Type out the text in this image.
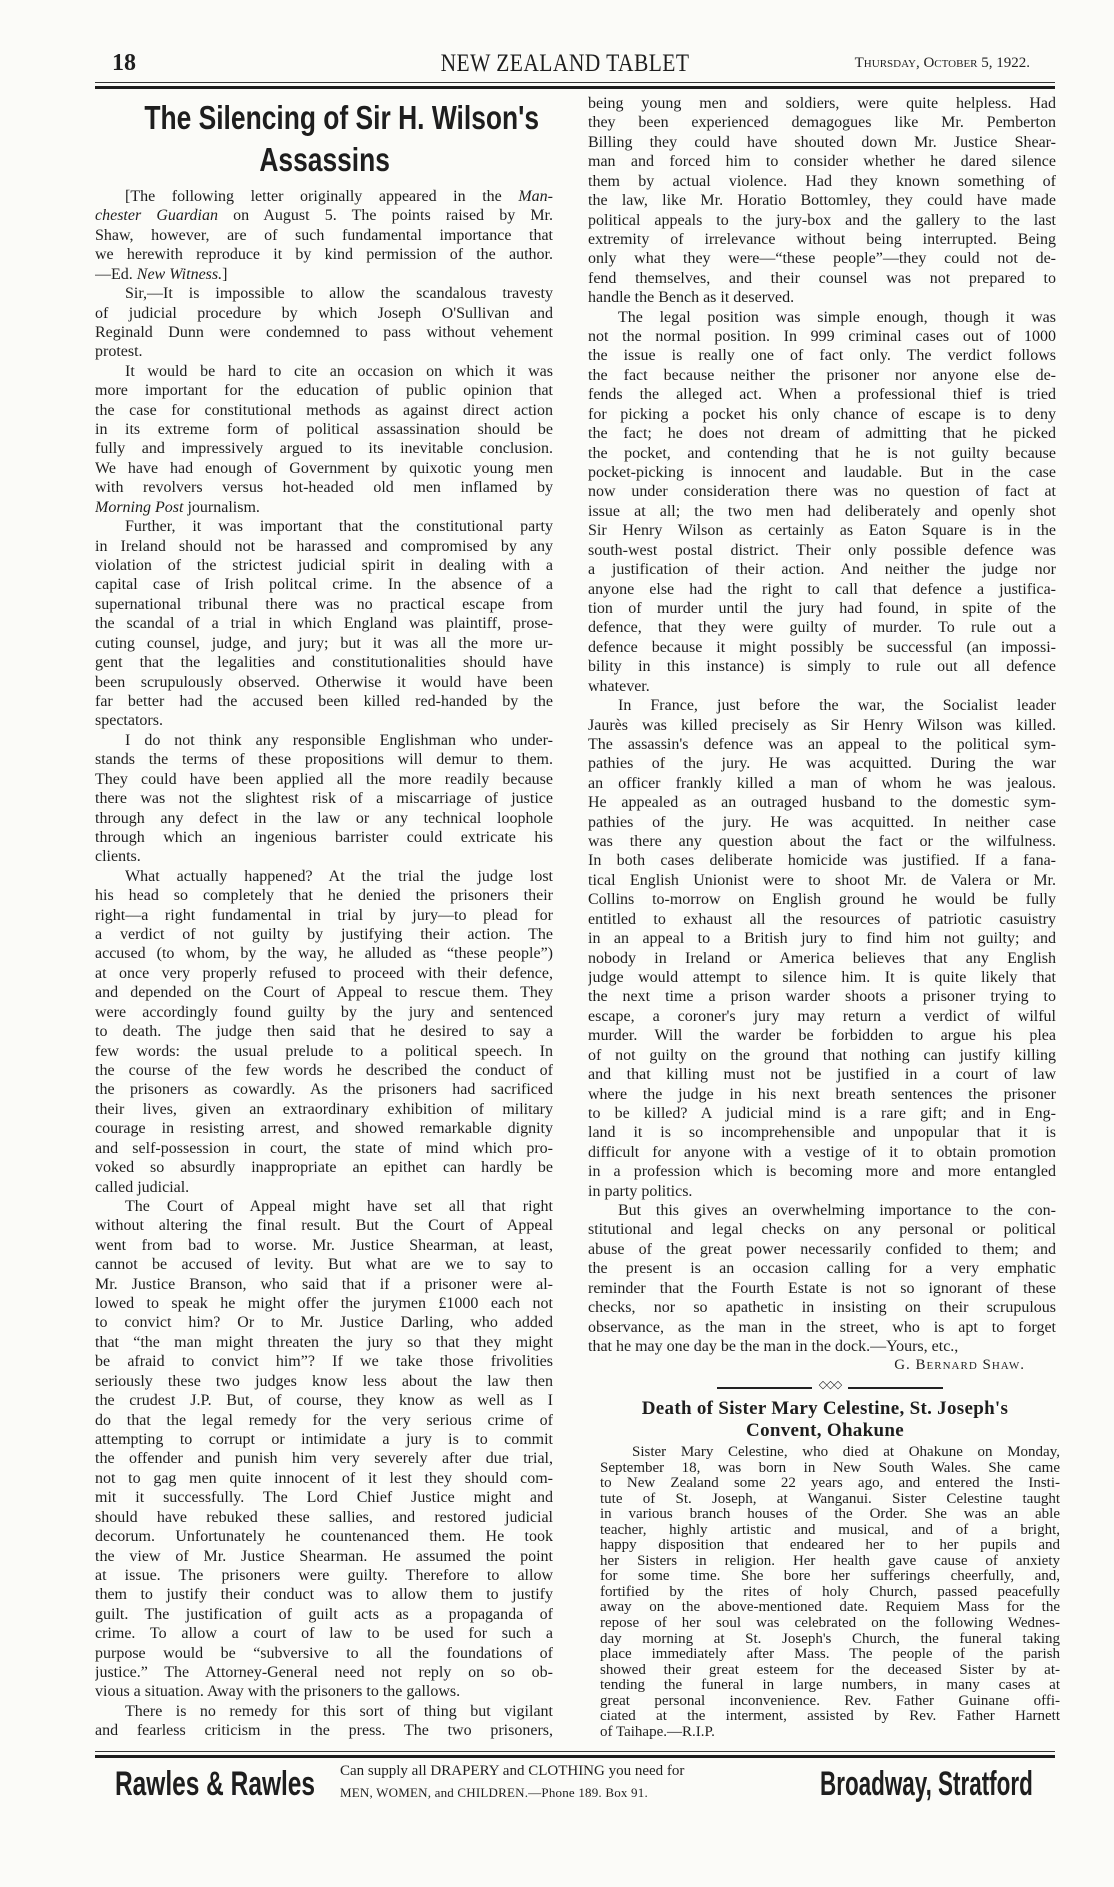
18	NEW ZEALAND TABLET	Thursday, October 5, 1922.
The Silencing of Sir H. Wilson's
Assassins
[The following letter originally appeared in the Man-
chester Guardian on August 5. The points raised by Mr.
Shaw, however, are of such fundamental importance that
we herewith reproduce it by kind permission of the author.
—Ed. New Witness.]
Sir,—It is impossible to allow the scandalous travesty
of judicial procedure by which Joseph O'Sullivan and
Reginald Dunn were condemned to pass without vehement
protest.
It would be hard to cite an occasion on which it was
more important for the education of public opinion that
the case for constitutional methods as against direct action
in its extreme form of political assassination should be
fully and impressively argued to its inevitable conclusion.
We have had enough of Government by quixotic young men
with revolvers versus hot-headed old men inflamed by
Morning Post journalism.
Further, it was important that the constitutional party
in Ireland should not be harassed and compromised by any
violation of the strictest judicial spirit in dealing with a
capital case of Irish politcal crime. In the absence of a
supernational tribunal there was no practical escape from
the scandal of a trial in which England was plaintiff, prose-
cuting counsel, judge, and jury; but it was all the more ur-
gent that the legalities and constitutionalities should have
been scrupulously observed. Otherwise it would have been
far better had the accused been killed red-handed by the
spectators.
I do not think any responsible Englishman who under-
stands the terms of these propositions will demur to them.
They could have been applied all the more readily because
there was not the slightest risk of a miscarriage of justice
through any defect in the law or any technical loophole
through which an ingenious barrister could extricate his
clients.
What actually happened? At the trial the judge lost
his head so completely that he denied the prisoners their
right—a right fundamental in trial by jury—to plead for
a verdict of not guilty by justifying their action. The
accused (to whom, by the way, he alluded as “these people”)
at once very properly refused to proceed with their defence,
and depended on the Court of Appeal to rescue them. They
were accordingly found guilty by the jury and sentenced
to death. The judge then said that he desired to say a
few words: the usual prelude to a political speech. In
the course of the few words he described the conduct of
the prisoners as cowardly. As the prisoners had sacrificed
their lives, given an extraordinary exhibition of military
courage in resisting arrest, and showed remarkable dignity
and self-possession in court, the state of mind which pro-
voked so absurdly inappropriate an epithet can hardly be
called judicial.
The Court of Appeal might have set all that right
without altering the final result. But the Court of Appeal
went from bad to worse. Mr. Justice Shearman, at least,
cannot be accused of levity. But what are we to say to
Mr. Justice Branson, who said that if a prisoner were al-
lowed to speak he might offer the jurymen £1000 each not
to convict him? Or to Mr. Justice Darling, who added
that “the man might threaten the jury so that they might
be afraid to convict him”? If we take those frivolities
seriously these two judges know less about the law then
the crudest J.P. But, of course, they know as well as I
do that the legal remedy for the very serious crime of
attempting to corrupt or intimidate a jury is to commit
the offender and punish him very severely after due trial,
not to gag men quite innocent of it lest they should com-
mit it successfully. The Lord Chief Justice might and
should have rebuked these sallies, and restored judicial
decorum. Unfortunately he countenanced them. He took
the view of Mr. Justice Shearman. He assumed the point
at issue. The prisoners were guilty. Therefore to allow
them to justify their conduct was to allow them to justify
guilt. The justification of guilt acts as a propaganda of
crime. To allow a court of law to be used for such a
purpose would be “subversive to all the foundations of
justice.” The Attorney-General need not reply on so ob-
vious a situation. Away with the prisoners to the gallows.
There is no remedy for this sort of thing but vigilant
and fearless criticism in the press. The two prisoners,
being young men and soldiers, were quite helpless. Had
they been experienced demagogues like Mr. Pemberton
Billing they could have shouted down Mr. Justice Shear-
man and forced him to consider whether he dared silence
them by actual violence. Had they known something of
the law, like Mr. Horatio Bottomley, they could have made
political appeals to the jury-box and the gallery to the last
extremity of irrelevance without being interrupted. Being
only what they were—“these people”—they could not de-
fend themselves, and their counsel was not prepared to
handle the Bench as it deserved.
The legal position was simple enough, though it was
not the normal position. In 999 criminal cases out of 1000
the issue is really one of fact only. The verdict follows
the fact because neither the prisoner nor anyone else de-
fends the alleged act. When a professional thief is tried
for picking a pocket his only chance of escape is to deny
the fact; he does not dream of admitting that he picked
the pocket, and contending that he is not guilty because
pocket-picking is innocent and laudable. But in the case
now under consideration there was no question of fact at
issue at all; the two men had deliberately and openly shot
Sir Henry Wilson as certainly as Eaton Square is in the
south-west postal district. Their only possible defence was
a justification of their action. And neither the judge nor
anyone else had the right to call that defence a justifica-
tion of murder until the jury had found, in spite of the
defence, that they were guilty of murder. To rule out a
defence because it might possibly be successful (an impossi-
bility in this instance) is simply to rule out all defence
whatever.
In France, just before the war, the Socialist leader
Jaurès was killed precisely as Sir Henry Wilson was killed.
The assassin's defence was an appeal to the political sym-
pathies of the jury. He was acquitted. During the war
an officer frankly killed a man of whom he was jealous.
He appealed as an outraged husband to the domestic sym-
pathies of the jury. He was acquitted. In neither case
was there any question about the fact or the wilfulness.
In both cases deliberate homicide was justified. If a fana-
tical English Unionist were to shoot Mr. de Valera or Mr.
Collins to-morrow on English ground he would be fully
entitled to exhaust all the resources of patriotic casuistry
in an appeal to a British jury to find him not guilty; and
nobody in Ireland or America believes that any English
judge would attempt to silence him. It is quite likely that
the next time a prison warder shoots a prisoner trying to
escape, a coroner's jury may return a verdict of wilful
murder. Will the warder be forbidden to argue his plea
of not guilty on the ground that nothing can justify killing
and that killing must not be justified in a court of law
where the judge in his next breath sentences the prisoner
to be killed? A judicial mind is a rare gift; and in Eng-
land it is so incomprehensible and unpopular that it is
difficult for anyone with a vestige of it to obtain promotion
in a profession which is becoming more and more entangled
in party politics.
But this gives an overwhelming importance to the con-
stitutional and legal checks on any personal or political
abuse of the great power necessarily confided to them; and
the present is an occasion calling for a very emphatic
reminder that the Fourth Estate is not so ignorant of these
checks, nor so apathetic in insisting on their scrupulous
observance, as the man in the street, who is apt to forget
that he may one day be the man in the dock.—Yours, etc.,
G. Bernard Shaw.
◇◇◇
Death of Sister Mary Celestine, St. Joseph's
Convent, Ohakune
Sister Mary Celestine, who died at Ohakune on Monday,
September 18, was born in New South Wales. She came
to New Zealand some 22 years ago, and entered the Insti-
tute of St. Joseph, at Wanganui. Sister Celestine taught
in various branch houses of the Order. She was an able
teacher, highly artistic and musical, and of a bright,
happy disposition that endeared her to her pupils and
her Sisters in religion. Her health gave cause of anxiety
for some time. She bore her sufferings cheerfully, and,
fortified by the rites of holy Church, passed peacefully
away on the above-mentioned date. Requiem Mass for the
repose of her soul was celebrated on the following Wednes-
day morning at St. Joseph's Church, the funeral taking
place immediately after Mass. The people of the parish
showed their great esteem for the deceased Sister by at-
tending the funeral in large numbers, in many cases at
great personal inconvenience. Rev. Father Guinane offi-
ciated at the interment, assisted by Rev. Father Harnett
of Taihape.—R.I.P.
Rawles & Rawles Can supply all DRAPERY and CLOTHING you need for
MEN, WOMEN, and CHILDREN.—Phone 189. Box 91.	Broadway, Stratford
